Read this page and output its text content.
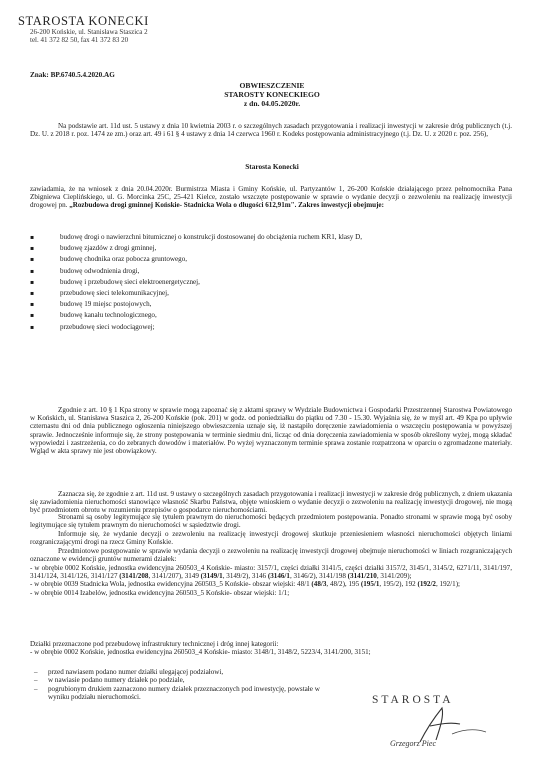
STAROSTA KONECKI
26-200 Końskie, ul. Stanisława Staszica 2
tel. 41 372 82 50, fax 41 372 83 20
Znak: BP.6740.5.4.2020.AG
OBWIESZCZENIE
STAROSTY KONECKIEGO
z dn. 04.05.2020r.
Na podstawie art. 11d ust. 5 ustawy z dnia 10 kwietnia 2003 r. o szczególnych zasadach przygotowania i realizacji inwestycji w zakresie dróg publicznych (t.j. Dz. U. z 2018 r. poz. 1474 ze zm.) oraz art. 49 i 61 § 4 ustawy z dnia 14 czerwca 1960 r. Kodeks postępowania administracyjnego (t.j. Dz. U. z 2020 r. poz. 256),
Starosta Konecki
zawiadamia, że na wniosek z dnia 20.04.2020r. Burmistrza Miasta i Gminy Końskie, ul. Partyzantów 1, 26-200 Końskie działającego przez pełnomocnika Pana Zbigniewa Cieplińskiego, ul. G. Morcinka 25C, 25-421 Kielce, zostało wszczęte postępowanie w sprawie o wydanie decyzji o zezwoleniu na realizację inwestycji drogowej pn. „Rozbudowa drogi gminnej Końskie- Stadnicka Wola o długości 612,91m". Zakres inwestycji obejmuje:
▪ budowę drogi o nawierzchni bitumicznej o konstrukcji dostosowanej do obciążenia ruchem KR1, klasy D,
▪ budowę zjazdów z drogi gminnej,
▪ budowę chodnika oraz pobocza gruntowego,
▪ budowę odwodnienia drogi,
▪ budowę i przebudowę sieci elektroenergetycznej,
▪ przebudowę sieci telekomunikacyjnej,
▪ budowę 19 miejsc postojowych,
▪ budowę kanału technologicznego,
▪ przebudowę sieci wodociągowej;
Zgodnie z art. 10 § 1 Kpa strony w sprawie mogą zapoznać się z aktami sprawy w Wydziale Budownictwa i Gospodarki Przestrzennej Starostwa Powiatowego w Końskich, ul. Stanisława Staszica 2, 26-200 Końskie (pok. 201) w godz. od poniedziałku do piątku od 7.30 - 15.30. Wyjaśnia się, że w myśl art. 49 Kpa po upływie czternastu dni od dnia publicznego ogłoszenia niniejszego obwieszczenia uznaje się, iż nastąpiło doręczenie zawiadomienia o wszczęciu postępowania w powyższej sprawie. Jednocześnie informuje się, że strony postępowania w terminie siedmiu dni, licząc od dnia doręczenia zawiadomienia w sposób określony wyżej, mogą składać wypowiedzi i zastrzeżenia, co do zebranych dowodów i materiałów. Po wyżej wyznaczonym terminie sprawa zostanie rozpatrzona w oparciu o zgromadzone materiały. Wgląd w akta sprawy nie jest obowiązkowy.
Zaznacza się, że zgodnie z art. 11d ust. 9 ustawy o szczególnych zasadach przygotowania i realizacji inwestycji w zakresie dróg publicznych, z dniem ukazania się zawiadomienia nieruchomości stanowiące własność Skarbu Państwa, objęte wnioskiem o wydanie decyzji o zezwoleniu na realizację inwestycji drogowej, nie mogą być przedmiotem obrotu w rozumieniu przepisów o gospodarce nieruchomościami.
Stronami są osoby legitymujące się tytułem prawnym do nieruchomości będących przedmiotem postępowania. Ponadto stronami w sprawie mogą być osoby legitymujące się tytułem prawnym do nieruchomości w sąsiedztwie drogi.
Informuje się, że wydanie decyzji o zezwoleniu na realizację inwestycji drogowej skutkuje przeniesieniem własności nieruchomości objętych liniami rozgraniczającymi drogi na rzecz Gminy Końskie.
Przedmiotowe postępowanie w sprawie wydania decyzji o zezwoleniu na realizację inwestycji drogowej obejmuje nieruchomości w liniach rozgraniczających oznaczone w ewidencji gruntów numerami działek:
- w obrębie 0002 Końskie, jednostka ewidencyjna 260503_4 Końskie- miasto: 3157/1, części działki 3141/5, części działki 3157/2, 3145/1, 3145/2, 6271/11, 3141/197, 3141/124, 3141/126, 3141/127 (3141/208, 3141/207), 3149 (3149/1, 3149/2), 3146 (3146/1, 3146/2), 3141/198 (3141/210, 3141/209);
- w obrębie 0039 Stadnicka Wola, jednostka ewidencyjna 260503_5 Końskie- obszar wiejski: 48/1 (48/3, 48/2), 195 (195/1, 195/2), 192 (192/2, 192/1);
- w obrębie 0014 Izabelów, jednostka ewidencyjna 260503_5 Końskie- obszar wiejski: 1/1;
Działki przeznaczone pod przebudowę infrastruktury technicznej i dróg innej kategorii:
- w obrębie 0002 Końskie, jednostka ewidencyjna 260503_4 Końskie- miasto: 3148/1, 3148/2, 5223/4, 3141/200, 3151;
– przed nawiasem podano numer działki ulegającej podziałowi,
– w nawiasie podano numery działek po podziale,
– pogrubionym drukiem zaznaczono numery działek przeznaczonych pod inwestycję, powstałe w wyniku podziału nieruchomości.	STAROSTA
Grzegorz Piec
